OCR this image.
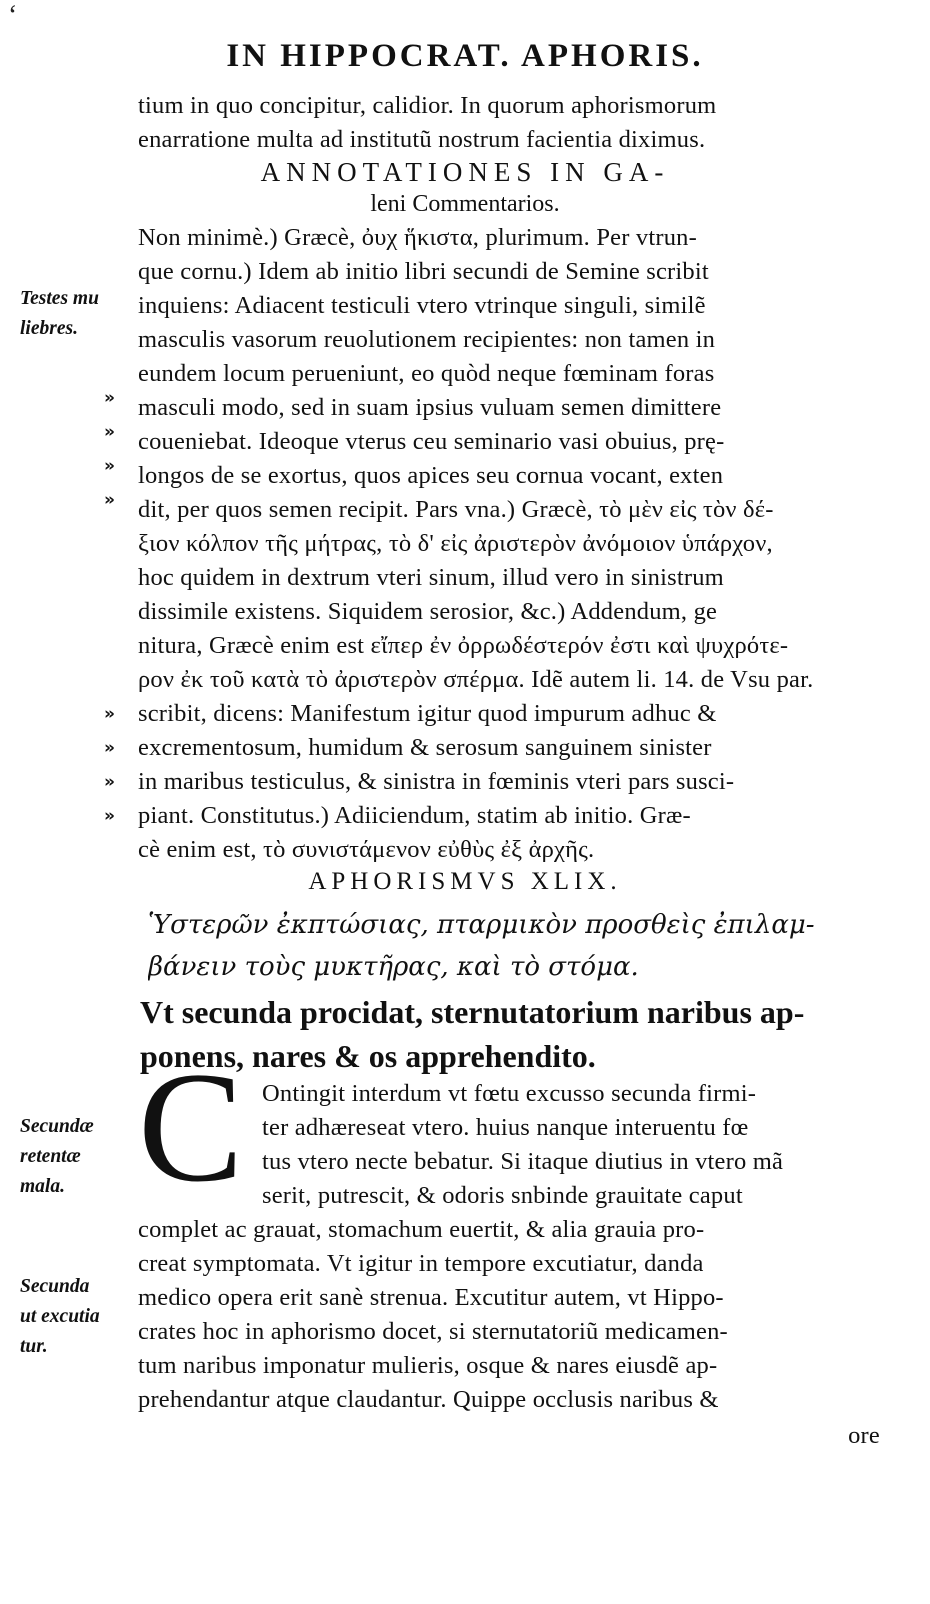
ʻ
IN HIPPOCRAT. APHORIS.
tium in quo concipitur, calidior. In quorum aphorismorum
enarratione multa ad institutũ nostrum facientia diximus.
ANNOTATIONES IN GA-
leni Commentarios.
Non minimè.) Græcè, ὀυχ ἥκιστα, plurimum. Per vtrun-
que cornu.) Idem ab initio libri secundi de Semine scribit
inquiens: Adiacent testiculi vtero vtrinque singuli, similẽ
masculis vasorum reuolutionem recipientes: non tamen in
eundem locum perueniunt, eo quòd neque fœminam foras
masculi modo, sed in suam ipsius vuluam semen dimittere
coueniebat. Ideoque vterus ceu seminario vasi obuius, prę-
longos de se exortus, quos apices seu cornua vocant, exten
dit, per quos semen recipit. Pars vna.) Græcè, τὸ μὲν εἰς τὸν δέ-
ξιον κόλπον τῆς μήτρας, τὸ δ' εἰς ἀριστερὸν ἀνόμοιον ὑπάρχον,
hoc quidem in dextrum vteri sinum, illud vero in sinistrum
dissimile existens. Siquidem serosior, &c.) Addendum, ge
nitura, Græcè enim est εἴπερ ἐν ὀρρωδέστερόν ἐστι καὶ ψυχρότε-
ρον ἐκ τοῦ κατὰ τὸ ἀριστερὸν σπέρμα. Idẽ autem li. 14. de Vsu par.
scribit, dicens: Manifestum igitur quod impurum adhuc &
excrementosum, humidum & serosum sanguinem sinister
in maribus testiculus, & sinistra in fœminis vteri pars susci-
piant. Constitutus.) Adiiciendum, statim ab initio. Græ-
cè enim est, τὸ συνιστάμενον εὐθὺς ἐξ ἀρχῆς.
Testes mu
liebres.
»
»
»
»
»
»
»
»
APHORISMVS XLIX.
Ὑστερῶν ἐκπτώσιας, πταρμικὸν προσθεὶς ἐπιλαμ-
βάνειν τοὺς μυκτῆρας, καὶ τὸ στόμα.
Vt secunda procidat, sternutatorium naribus ap-
ponens, nares & os apprehendito.
C Ontingit interdum vt fœtu excusso secunda firmi-
ter adhæreseat vtero. huius nanque interuentu fœ
tus vtero necte bebatur. Si itaque diutius in vtero mã
serit, putrescit, & odoris snbinde grauitate caput
complet ac grauat, stomachum euertit, & alia grauia pro-
creat symptomata. Vt igitur in tempore excutiatur, danda
medico opera erit sanè strenua. Excutitur autem, vt Hippo-
crates hoc in aphorismo docet, si sternutatoriũ medicamen-
tum naribus imponatur mulieris, osque & nares eiusdẽ ap-
prehendantur atque claudantur. Quippe occlusis naribus &
ore
Secundæ
retentæ
mala.
Secunda
ut excutia
tur.
